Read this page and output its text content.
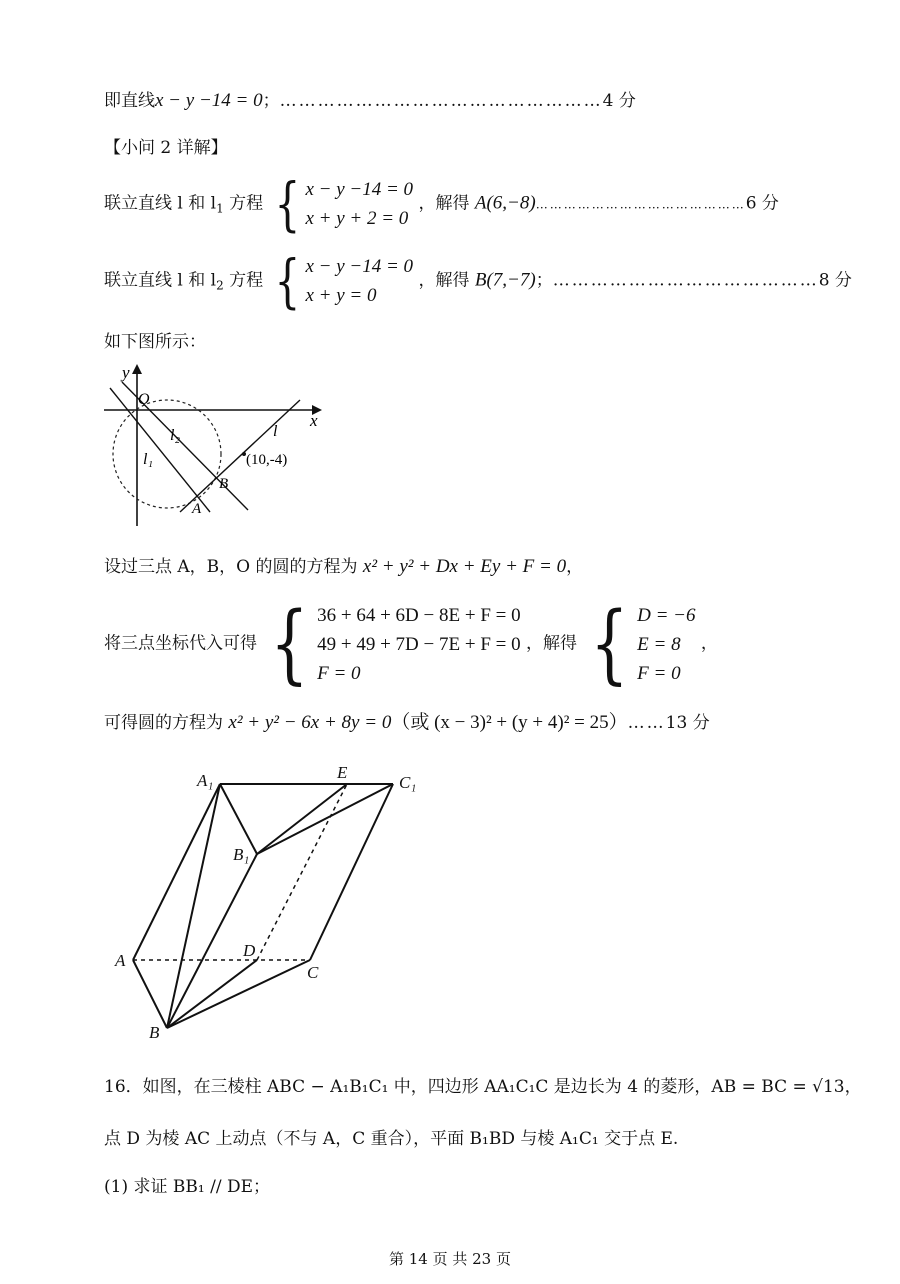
即直线x − y −14 = 0；……………………………………………4 分
【小问 2 详解】
联立直线 l 和 $l_1$ 方程 { x − y −14 = 0
x + y + 2 = 0
，解得 A(6,−8)………………………………………6 分
联立直线 l 和 $l_2$ 方程 { x − y −14 = 0
x + y = 0
，解得 B(7,−7)；……………………………………8 分
如下图所示：
y
x
O
l₂
l₁
l
(10,-4)
B
A
设过三点 A，B，O 的圆的方程为 x² + y² + Dx + Ey + F = 0，
将三点坐标代入可得 { 36 + 64 + 6D − 8E + F = 0
49 + 49 + 7D − 7E + F = 0
F = 0
，解得 { D = −6
E = 8
F = 0
，
可得圆的方程为 x² + y² − 6x + 8y = 0（或 (x − 3)² + (y + 4)² = 25）……13 分
A₁	E
C₁
B₁
D
A
C
B
16．如图，在三棱柱 ABC − A₁B₁C₁ 中，四边形 AA₁C₁C 是边长为 4 的菱形，AB = BC = √13，
点 D 为棱 AC 上动点（不与 A，C 重合），平面 B₁BD 与棱 A₁C₁ 交于点 E.
(1) 求证 BB₁ // DE；
第 14 页 共 23 页
